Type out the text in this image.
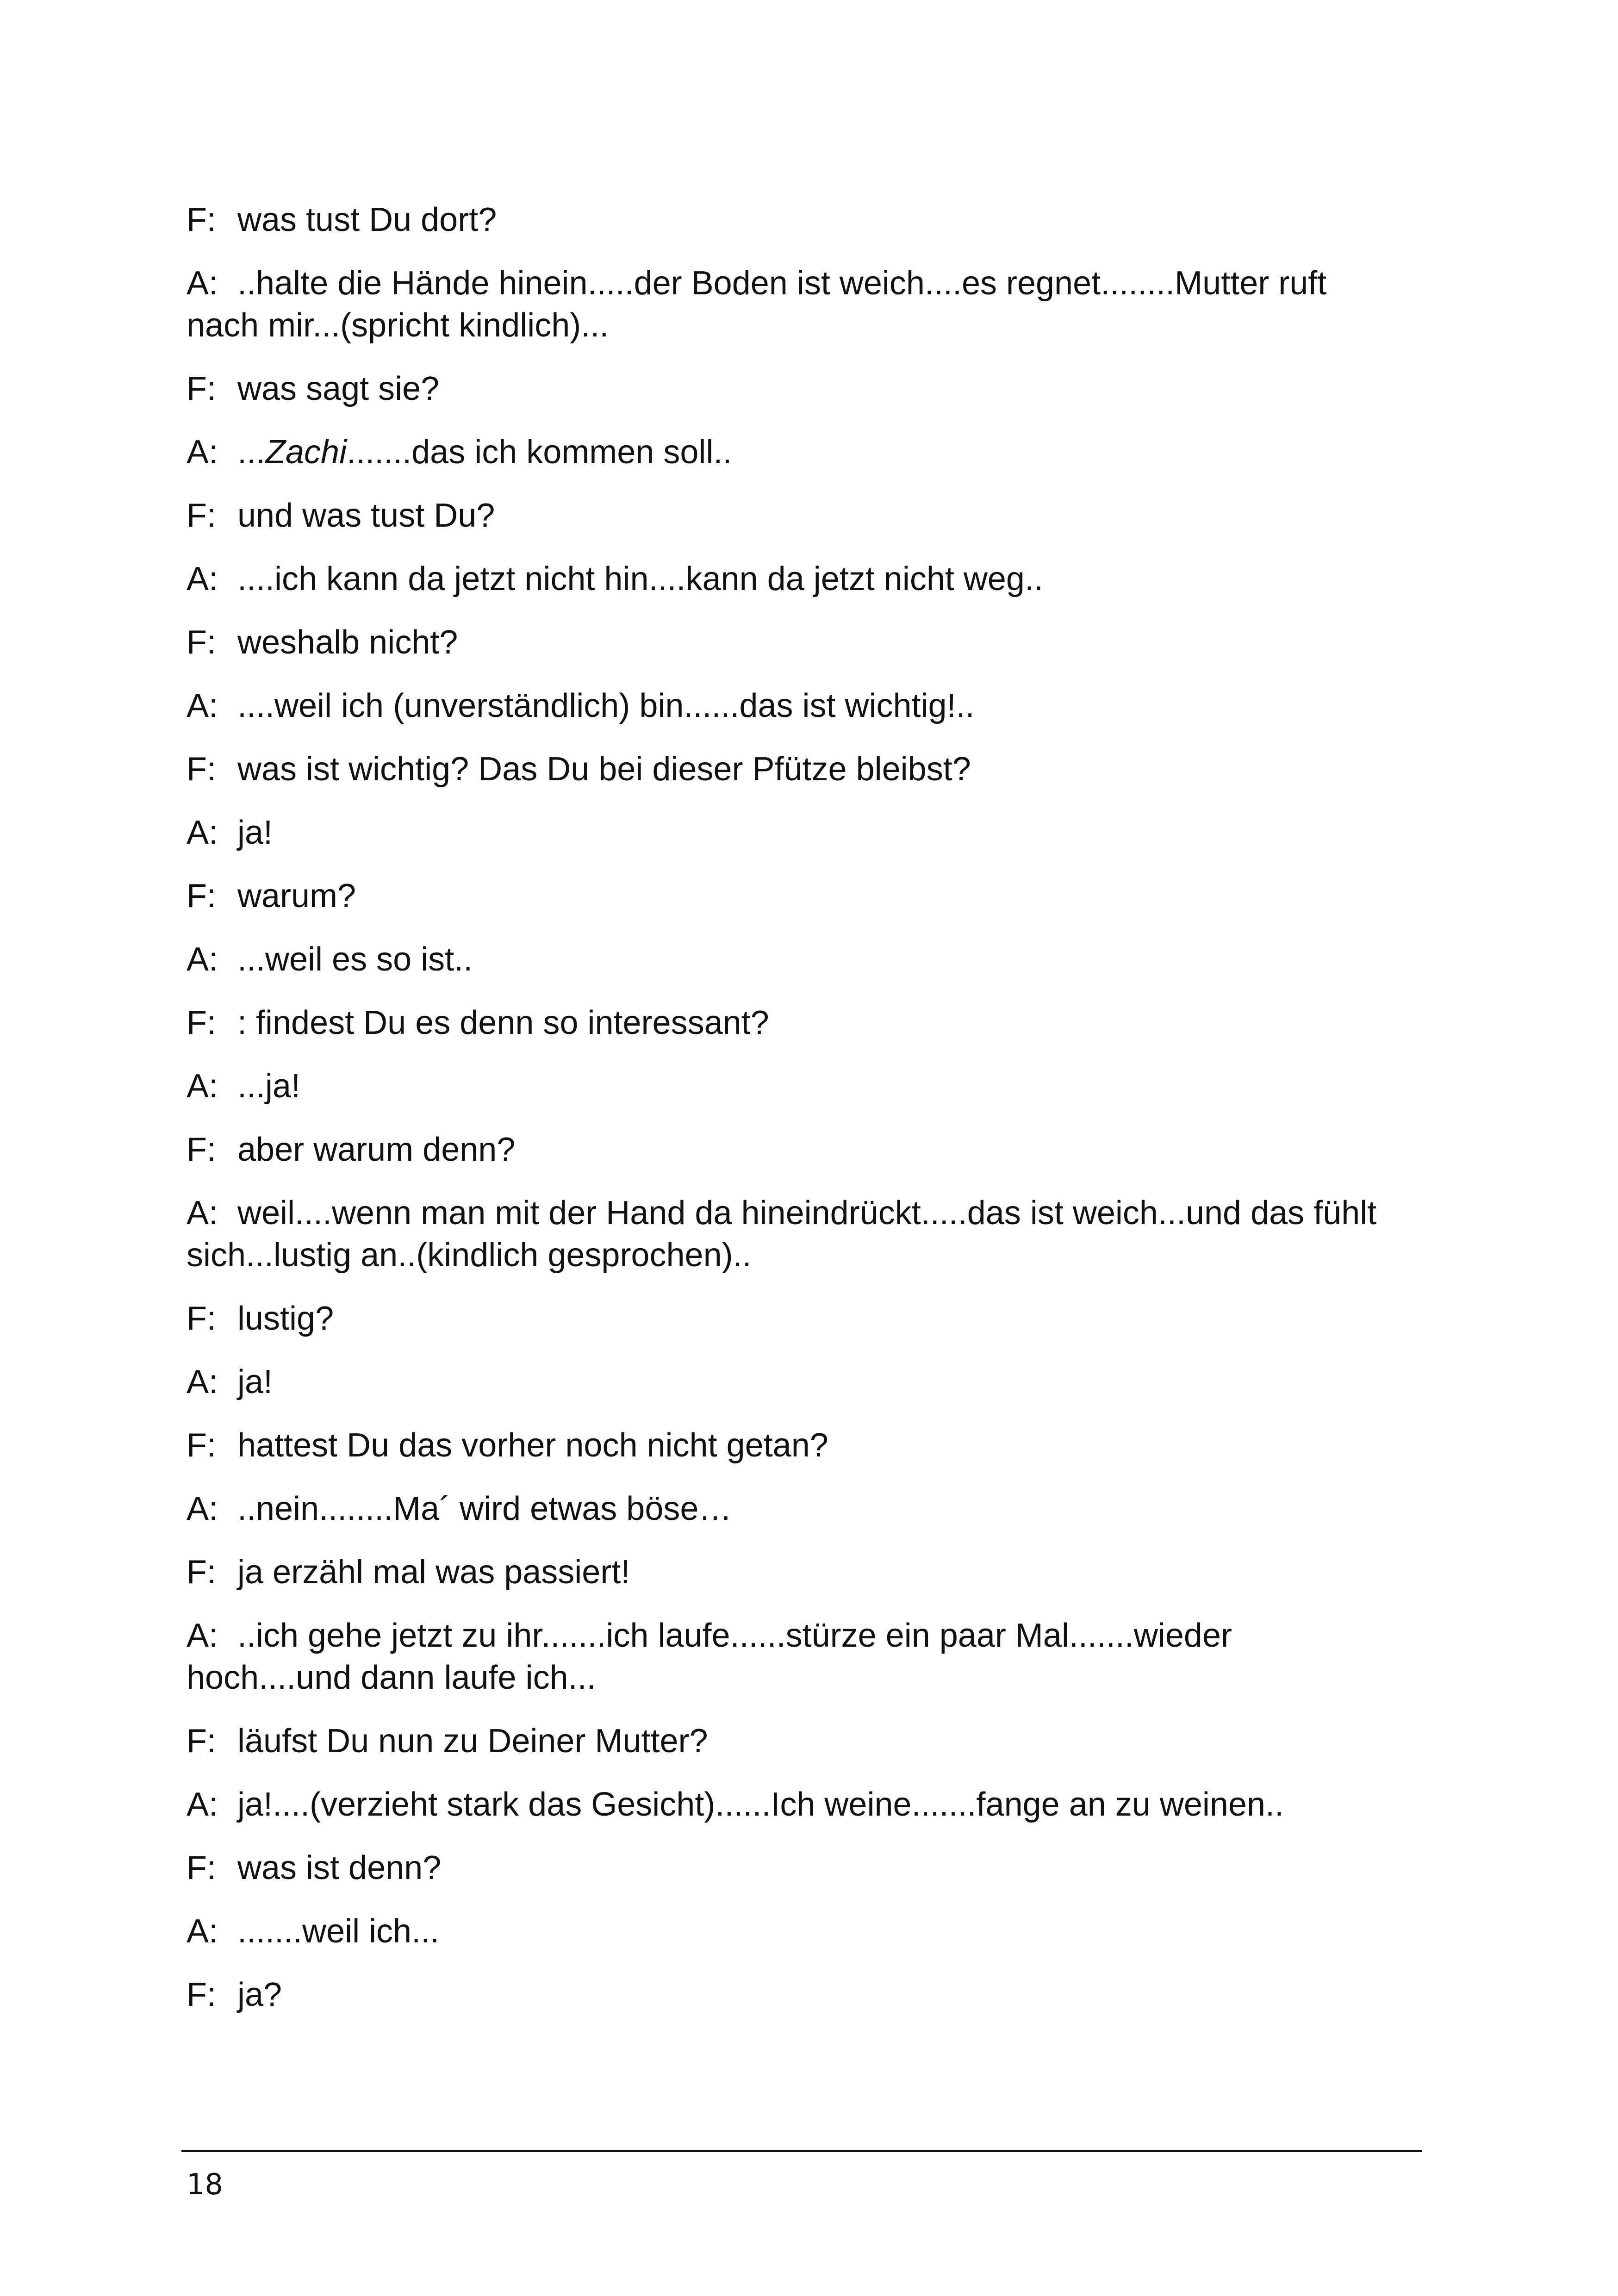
F: was tust Du dort?
A: ..halte die Hände hinein.....der Boden ist weich....es regnet........Mutter ruft nach mir...(spricht kindlich)...
F: was sagt sie?
A: ...Zachi.......das ich kommen soll..
F: und was tust Du?
A: ....ich kann da jetzt nicht hin....kann da jetzt nicht weg..
F: weshalb nicht?
A: ....weil ich (unverständlich) bin......das ist wichtig!..
F: was ist wichtig? Das Du bei dieser Pfütze bleibst?
A: ja!
F: warum?
A: ...weil es so ist..
F: : findest Du es denn so interessant?
A: ...ja!
F: aber warum denn?
A: weil....wenn man mit der Hand da hineindrückt.....das ist weich...und das fühlt sich...lustig an..(kindlich gesprochen)..
F: lustig?
A: ja!
F: hattest Du das vorher noch nicht getan?
A: ..nein........Ma´ wird etwas böse…
F: ja erzähl mal was passiert!
A: ..ich gehe jetzt zu ihr.......ich laufe......stürze ein paar Mal.......wieder hoch....und dann laufe ich...
F: läufst Du nun zu Deiner Mutter?
A: ja!....(verzieht stark das Gesicht)......Ich weine.......fange an zu weinen..
F: was ist denn?
A: .......weil ich...
F: ja?
18
